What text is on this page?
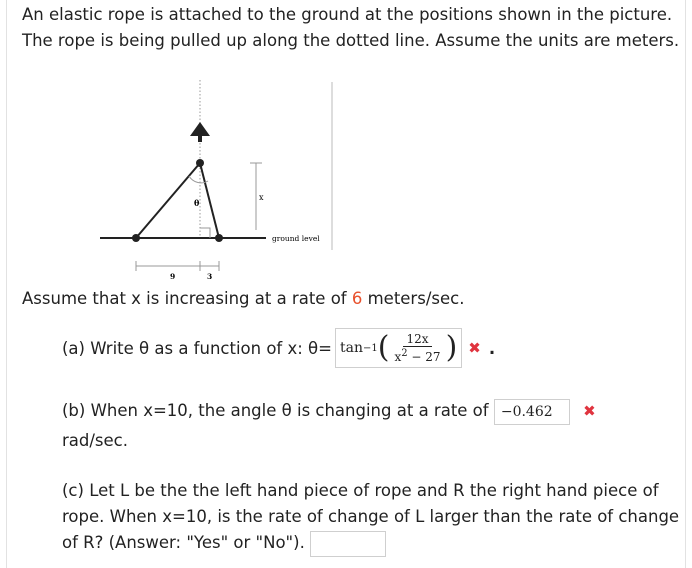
An elastic rope is attached to the ground at the positions shown in the picture. The rope is being pulled up along the dotted line. Assume the units are meters.
θ
x
ground level
9	3
Assume that x is increasing at a rate of 6 meters/sec.
(a) Write θ as a function of x: θ= tan −1 ( $\frac{12x}{x^2 - 27}$ ) ✖ .
(b) When x=10, the angle θ is changing at a rate of −0.462 ✖
rad/sec.
(c) Let L be the the left hand piece of rope and R the right hand piece of rope. When x=10, is the rate of change of L larger than the rate of change of R? (Answer: "Yes" or "No").
